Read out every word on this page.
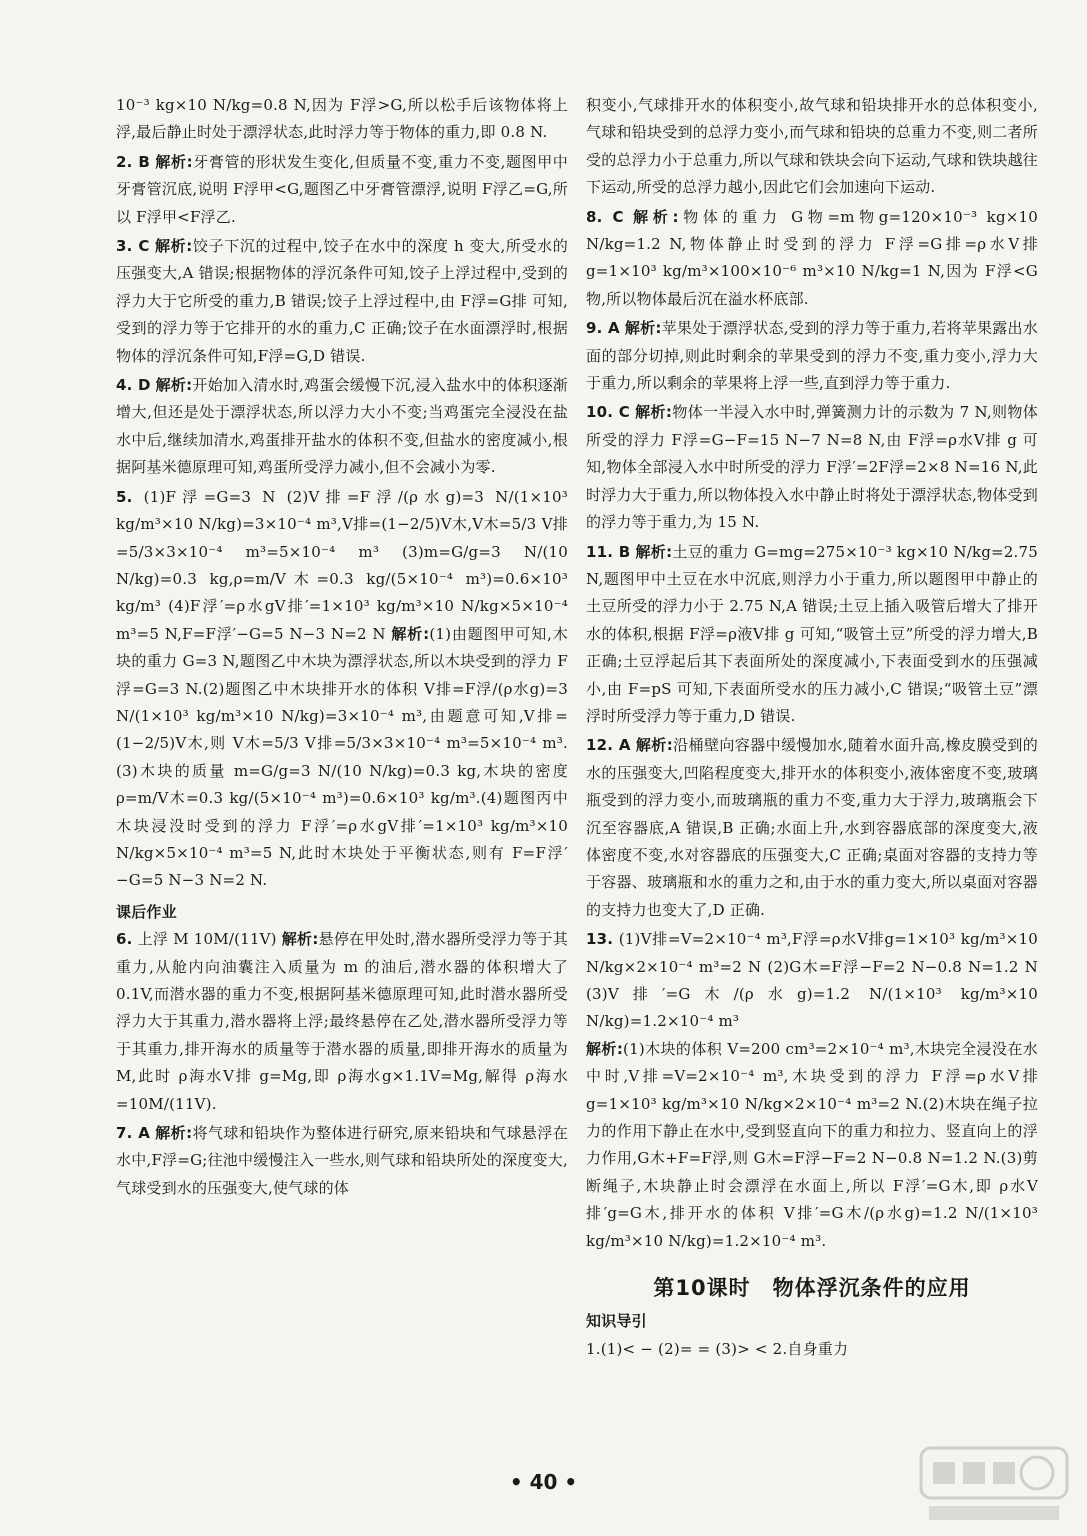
10⁻³ kg×10 N/kg=0.8 N,因为 F浮>G,所以松手后该物体将上浮,最后静止时处于漂浮状态,此时浮力等于物体的重力,即 0.8 N.

2. B 解析:牙膏管的形状发生变化,但质量不变,重力不变,题图甲中牙膏管沉底,说明 F浮甲<G,题图乙中牙膏管漂浮,说明 F浮乙=G,所以 F浮甲<F浮乙.

3. C 解析:饺子下沉的过程中,饺子在水中的深度 h 变大,所受水的压强变大,A 错误;根据物体的浮沉条件可知,饺子上浮过程中,受到的浮力大于它所受的重力,B 错误;饺子上浮过程中,由 F浮=G排 可知,受到的浮力等于它排开的水的重力,C 正确;饺子在水面漂浮时,根据物体的浮沉条件可知,F浮=G,D 错误.

4. D 解析:开始加入清水时,鸡蛋会缓慢下沉,浸入盐水中的体积逐渐增大,但还是处于漂浮状态,所以浮力大小不变;当鸡蛋完全浸没在盐水中后,继续加清水,鸡蛋排开盐水的体积不变,但盐水的密度减小,根据阿基米德原理可知,鸡蛋所受浮力减小,但不会减小为零.

5. (1)F浮=G=3 N (2)V排=F浮/(ρ水g)=3 N/(1×10³ kg/m³×10 N/kg)=3×10⁻⁴ m³,V排=(1−2/5)V木,V木=5/3 V排=5/3×3×10⁻⁴ m³=5×10⁻⁴ m³ (3)m=G/g=3 N/(10 N/kg)=0.3 kg,ρ=m/V木=0.3 kg/(5×10⁻⁴ m³)=0.6×10³ kg/m³ (4)F浮′=ρ水gV排′=1×10³ kg/m³×10 N/kg×5×10⁻⁴ m³=5 N,F=F浮′−G=5 N−3 N=2 N 解析:(1)由题图甲可知,木块的重力 G=3 N,题图乙中木块为漂浮状态,所以木块受到的浮力 F浮=G=3 N.(2)题图乙中木块排开水的体积 V排=F浮/(ρ水g)=3 N/(1×10³ kg/m³×10 N/kg)=3×10⁻⁴ m³,由题意可知,V排=(1−2/5)V木,则 V木=5/3 V排=5/3×3×10⁻⁴ m³=5×10⁻⁴ m³.(3)木块的质量 m=G/g=3 N/(10 N/kg)=0.3 kg,木块的密度 ρ=m/V木=0.3 kg/(5×10⁻⁴ m³)=0.6×10³ kg/m³.(4)题图丙中木块浸没时受到的浮力 F浮′=ρ水gV排′=1×10³ kg/m³×10 N/kg×5×10⁻⁴ m³=5 N,此时木块处于平衡状态,则有 F=F浮′−G=5 N−3 N=2 N.

课后作业

6. 上浮 M 10M/(11V) 解析:悬停在甲处时,潜水器所受浮力等于其重力,从舱内向油囊注入质量为 m 的油后,潜水器的体积增大了 0.1V,而潜水器的重力不变,根据阿基米德原理可知,此时潜水器所受浮力大于其重力,潜水器将上浮;最终悬停在乙处,潜水器所受浮力等于其重力,排开海水的质量等于潜水器的质量,即排开海水的质量为 M,此时 ρ海水V排 g=Mg,即 ρ海水g×1.1V=Mg,解得 ρ海水=10M/(11V).

7. A 解析:将气球和铅块作为整体进行研究,原来铅块和气球悬浮在水中,F浮=G;往池中缓慢注入一些水,则气球和铅块所处的深度变大,气球受到水的压强变大,使气球的体

积变小,气球排开水的体积变小,故气球和铅块排开水的总体积变小,气球和铅块受到的总浮力变小,而气球和铅块的总重力不变,则二者所受的总浮力小于总重力,所以气球和铁块会向下运动,气球和铁块越往下运动,所受的总浮力越小,因此它们会加速向下运动.

8. C 解析:物体的重力 G物=m物g=120×10⁻³ kg×10 N/kg=1.2 N,物体静止时受到的浮力 F浮=G排=ρ水V排 g=1×10³ kg/m³×100×10⁻⁶ m³×10 N/kg=1 N,因为 F浮<G物,所以物体最后沉在溢水杯底部.

9. A 解析:苹果处于漂浮状态,受到的浮力等于重力,若将苹果露出水面的部分切掉,则此时剩余的苹果受到的浮力不变,重力变小,浮力大于重力,所以剩余的苹果将上浮一些,直到浮力等于重力.

10. C 解析:物体一半浸入水中时,弹簧测力计的示数为 7 N,则物体所受的浮力 F浮=G−F=15 N−7 N=8 N,由 F浮=ρ水V排 g 可知,物体全部浸入水中时所受的浮力 F浮′=2F浮=2×8 N=16 N,此时浮力大于重力,所以物体投入水中静止时将处于漂浮状态,物体受到的浮力等于重力,为 15 N.

11. B 解析:土豆的重力 G=mg=275×10⁻³ kg×10 N/kg=2.75 N,题图甲中土豆在水中沉底,则浮力小于重力,所以题图甲中静止的土豆所受的浮力小于 2.75 N,A 错误;土豆上插入吸管后增大了排开水的体积,根据 F浮=ρ液V排 g 可知,“吸管土豆”所受的浮力增大,B 正确;土豆浮起后其下表面所处的深度减小,下表面受到水的压强减小,由 F=pS 可知,下表面所受水的压力减小,C 错误;“吸管土豆”漂浮时所受浮力等于重力,D 错误.

12. A 解析:沿桶壁向容器中缓慢加水,随着水面升高,橡皮膜受到的水的压强变大,凹陷程度变大,排开水的体积变小,液体密度不变,玻璃瓶受到的浮力变小,而玻璃瓶的重力不变,重力大于浮力,玻璃瓶会下沉至容器底,A 错误,B 正确;水面上升,水到容器底部的深度变大,液体密度不变,水对容器底的压强变大,C 正确;桌面对容器的支持力等于容器、玻璃瓶和水的重力之和,由于水的重力变大,所以桌面对容器的支持力也变大了,D 正确.

13. (1)V排=V=2×10⁻⁴ m³,F浮=ρ水V排g=1×10³ kg/m³×10 N/kg×2×10⁻⁴ m³=2 N (2)G木=F浮−F=2 N−0.8 N=1.2 N (3)V排′=G木/(ρ水g)=1.2 N/(1×10³ kg/m³×10 N/kg)=1.2×10⁻⁴ m³

解析:(1)木块的体积 V=200 cm³=2×10⁻⁴ m³,木块完全浸没在水中时,V排=V=2×10⁻⁴ m³,木块受到的浮力 F浮=ρ水V排g=1×10³ kg/m³×10 N/kg×2×10⁻⁴ m³=2 N.(2)木块在绳子拉力的作用下静止在水中,受到竖直向下的重力和拉力、竖直向上的浮力作用,G木+F=F浮,则 G木=F浮−F=2 N−0.8 N=1.2 N.(3)剪断绳子,木块静止时会漂浮在水面上,所以 F浮′=G木,即 ρ水V排′g=G木,排开水的体积 V排′=G木/(ρ水g)=1.2 N/(1×10³ kg/m³×10 N/kg)=1.2×10⁻⁴ m³.

第10课时　物体浮沉条件的应用

知识导引

1.(1)< − (2)= = (3)> < 2.自身重力

• 40 •
